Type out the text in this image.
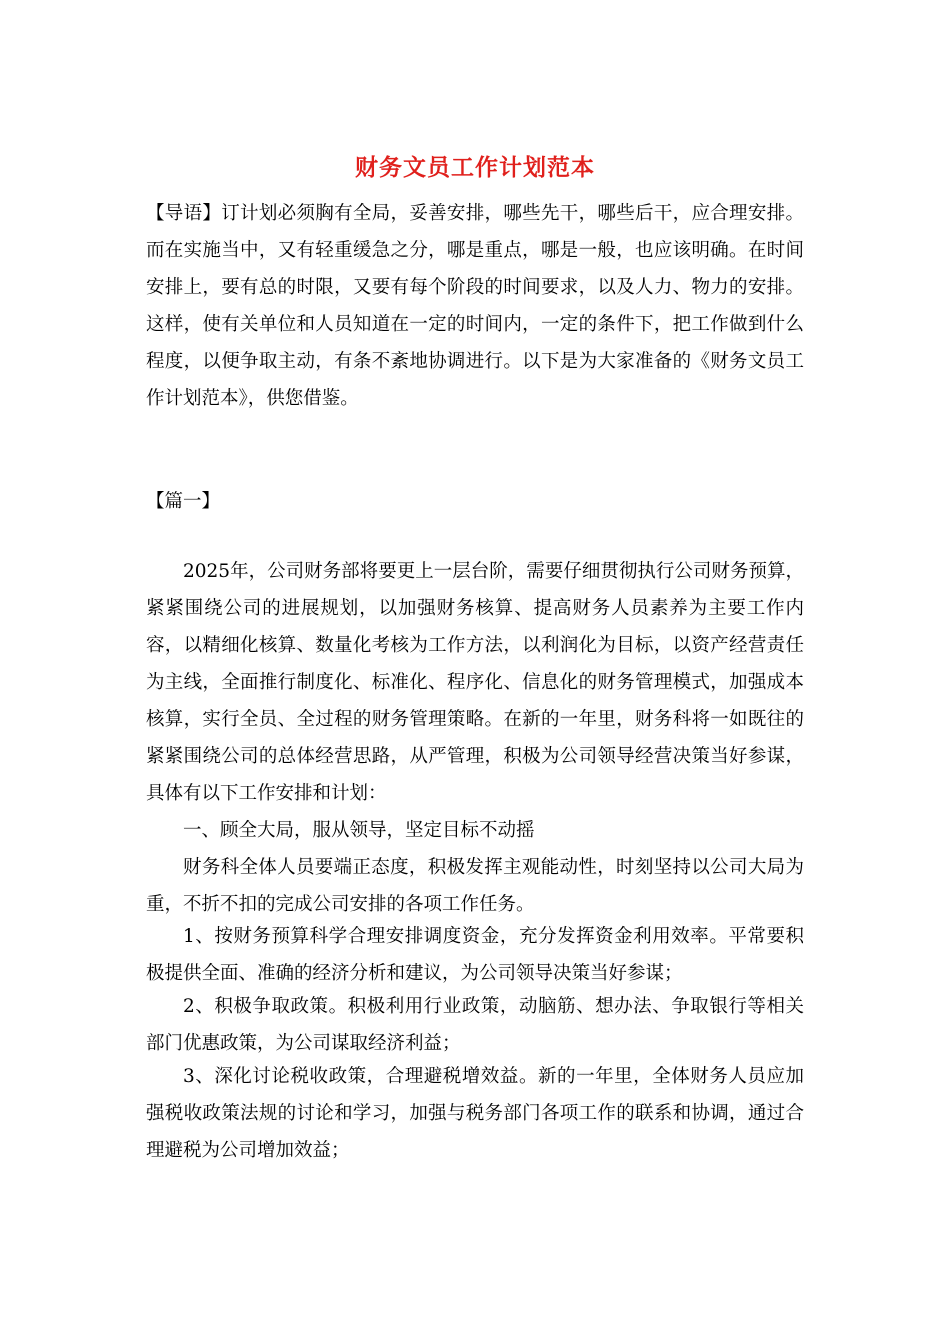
财务文员工作计划范本

【导语】订计划必须胸有全局，妥善安排，哪些先干，哪些后干，应合理安排。而在实施当中，又有轻重缓急之分，哪是重点，哪是一般，也应该明确。在时间安排上，要有总的时限，又要有每个阶段的时间要求，以及人力、物力的安排。这样，使有关单位和人员知道在一定的时间内，一定的条件下，把工作做到什么程度，以便争取主动，有条不紊地协调进行。以下是为大家准备的《财务文员工作计划范本》，供您借鉴。

【篇一】

2025年，公司财务部将要更上一层台阶，需要仔细贯彻执行公司财务预算，紧紧围绕公司的进展规划，以加强财务核算、提高财务人员素养为主要工作内容，以精细化核算、数量化考核为工作方法，以利润化为目标，以资产经营责任为主线，全面推行制度化、标准化、程序化、信息化的财务管理模式，加强成本核算，实行全员、全过程的财务管理策略。在新的一年里，财务科将一如既往的紧紧围绕公司的总体经营思路，从严管理，积极为公司领导经营决策当好参谋，具体有以下工作安排和计划：

一、顾全大局，服从领导，坚定目标不动摇

财务科全体人员要端正态度，积极发挥主观能动性，时刻坚持以公司大局为重，不折不扣的完成公司安排的各项工作任务。

1、按财务预算科学合理安排调度资金，充分发挥资金利用效率。平常要积极提供全面、准确的经济分析和建议，为公司领导决策当好参谋；

2、积极争取政策。积极利用行业政策，动脑筋、想办法、争取银行等相关部门优惠政策，为公司谋取经济利益；

3、深化讨论税收政策，合理避税增效益。新的一年里，全体财务人员应加强税收政策法规的讨论和学习，加强与税务部门各项工作的联系和协调，通过合理避税为公司增加效益；
